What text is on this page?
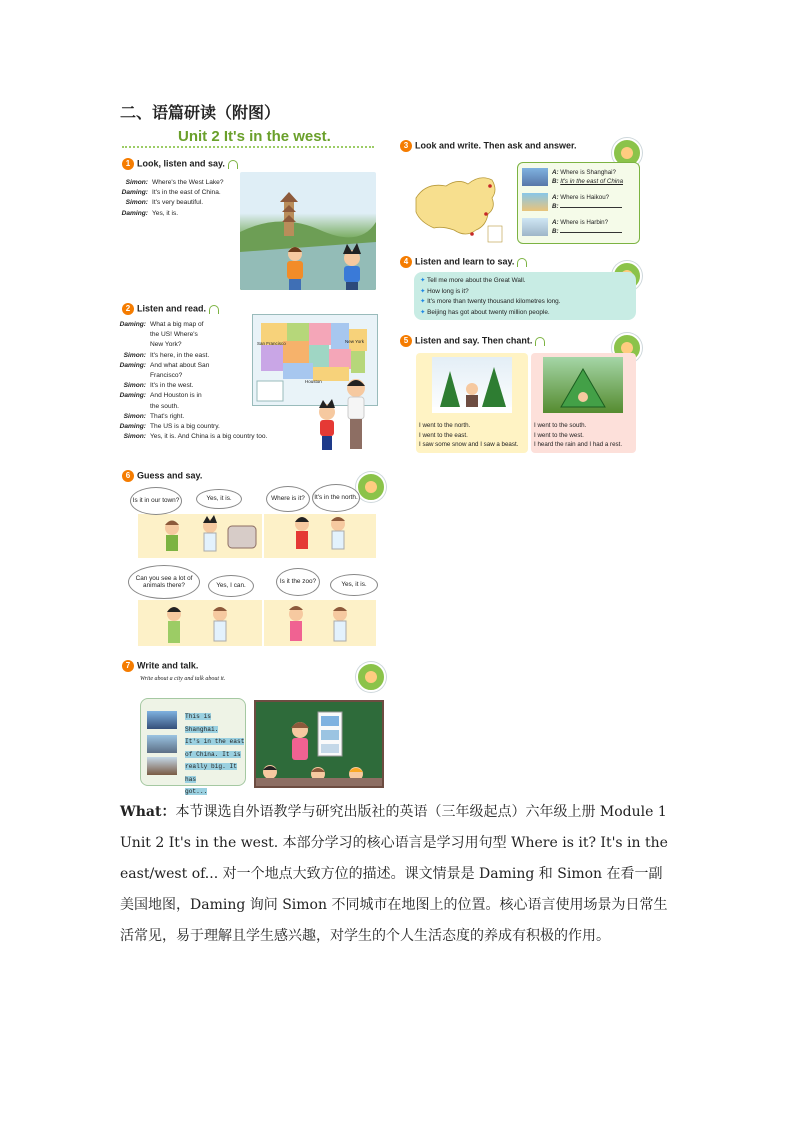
二、语篇研读（附图）
Unit 2 It's in the west.
1 Look, listen and say.
Simon: Where's the West Lake?
Daming: It's in the east of China.
Simon: It's very beautiful.
Daming: Yes, it is.
2 Listen and read.
Daming: What a big map of
the US! Where's
New York?
Simon: It's here, in the east.
Daming: And what about San
Francisco?
Simon: It's in the west.
Daming: And Houston is in
the south.
Simon: That's right.
Daming: The US is a big country.
Simon: Yes, it is. And China is a big country too.
San Francisco	New York
Houston
3 Look and write. Then ask and answer.
A: Where is Shanghai?
B: It's in the east of China
A: Where is Haikou?
B:
A: Where is Harbin?
B:
4 Listen and learn to say.
✦ Tell me more about the Great Wall.
✦ How long is it?
✦ It's more than twenty thousand kilometres long.
✦ Beijing has got about twenty million people.
5 Listen and say. Then chant.
I went to the north.
I went to the east.
I saw some snow and I saw a beast.
I went to the south.
I went to the west.
I heard the rain and I had a rest.
6 Guess and say.
Is it in our town?	Yes, it is.	Where is it?	It's in the north.
Can you see a lot of animals there?	Yes, I can.
Is it the zoo?	Yes, it is.
7 Write and talk.
Write about a city and talk about it.
This is Shanghai.
It's in the east
of China. It is
really big. It has
got...
What：本节课选自外语教学与研究出版社的英语（三年级起点）六年级上册 Module 1 Unit 2 It's in the west. 本部分学习的核心语言是学习用句型 Where is it? It's in the east/west of... 对一个地点大致方位的描述。课文情景是 Daming 和 Simon 在看一副美国地图，Daming 询问 Simon 不同城市在地图上的位置。核心语言使用场景为日常生活常见，易于理解且学生感兴趣，对学生的个人生活态度的养成有积极的作用。
